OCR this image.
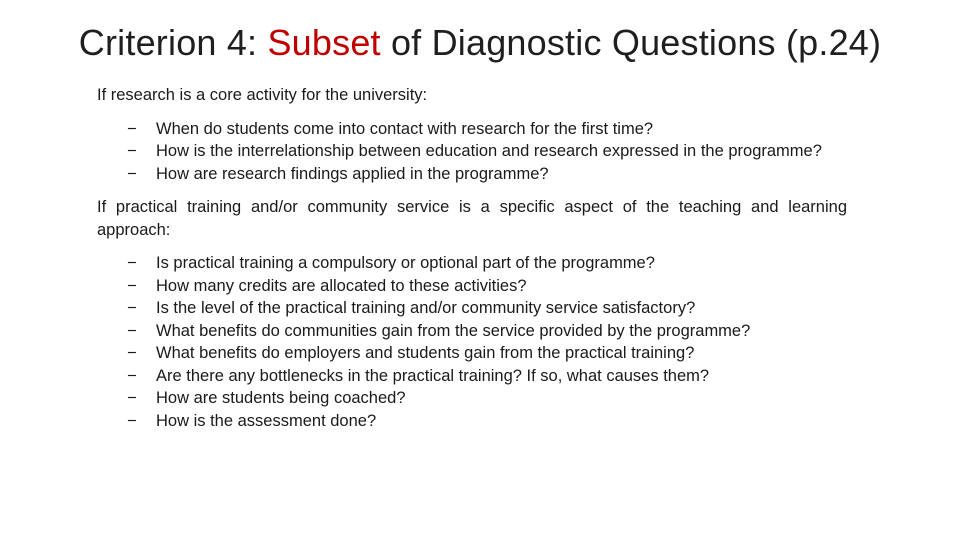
Criterion 4: Subset of Diagnostic Questions (p.24)

If research is a core activity for the university:

− When do students come into contact with research for the first time?
− How is the interrelationship between education and research expressed in the programme?
− How are research findings applied in the programme?

If practical training and/or community service is a specific aspect of the teaching and learning approach:

− Is practical training a compulsory or optional part of the programme?
− How many credits are allocated to these activities?
− Is the level of the practical training and/or community service satisfactory?
− What benefits do communities gain from the service provided by the programme?
− What benefits do employers and students gain from the practical training?
− Are there any bottlenecks in the practical training? If so, what causes them?
− How are students being coached?
− How is the assessment done?
